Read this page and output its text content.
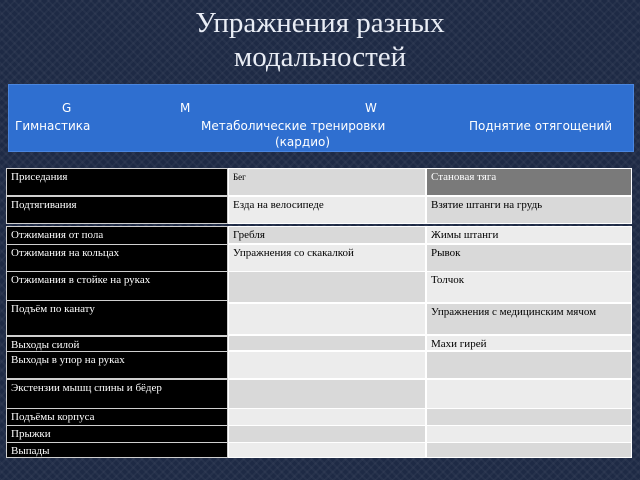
Упражнения разных
модальностей
G
Гимнастика
M	W
Метаболические тренировки
(кардио)
Поднятие отягощений
Приседания
Подтягивания
Отжимания от пола
Отжимания на кольцах
Отжимания в стойке на руках
Подъём по канату
Выходы силой
Выходы в упор на руках
Экстензии мышц спины и бёдер
Подъёмы корпуса
Прыжки
Выпады
Бег
Езда на велосипеде
Гребля
Упражнения со скакалкой
Становая тяга
Взятие штанги на грудь
Жимы штанги
Рывок
Толчок
Упражнения с медицинским мячом
Махи гирей
